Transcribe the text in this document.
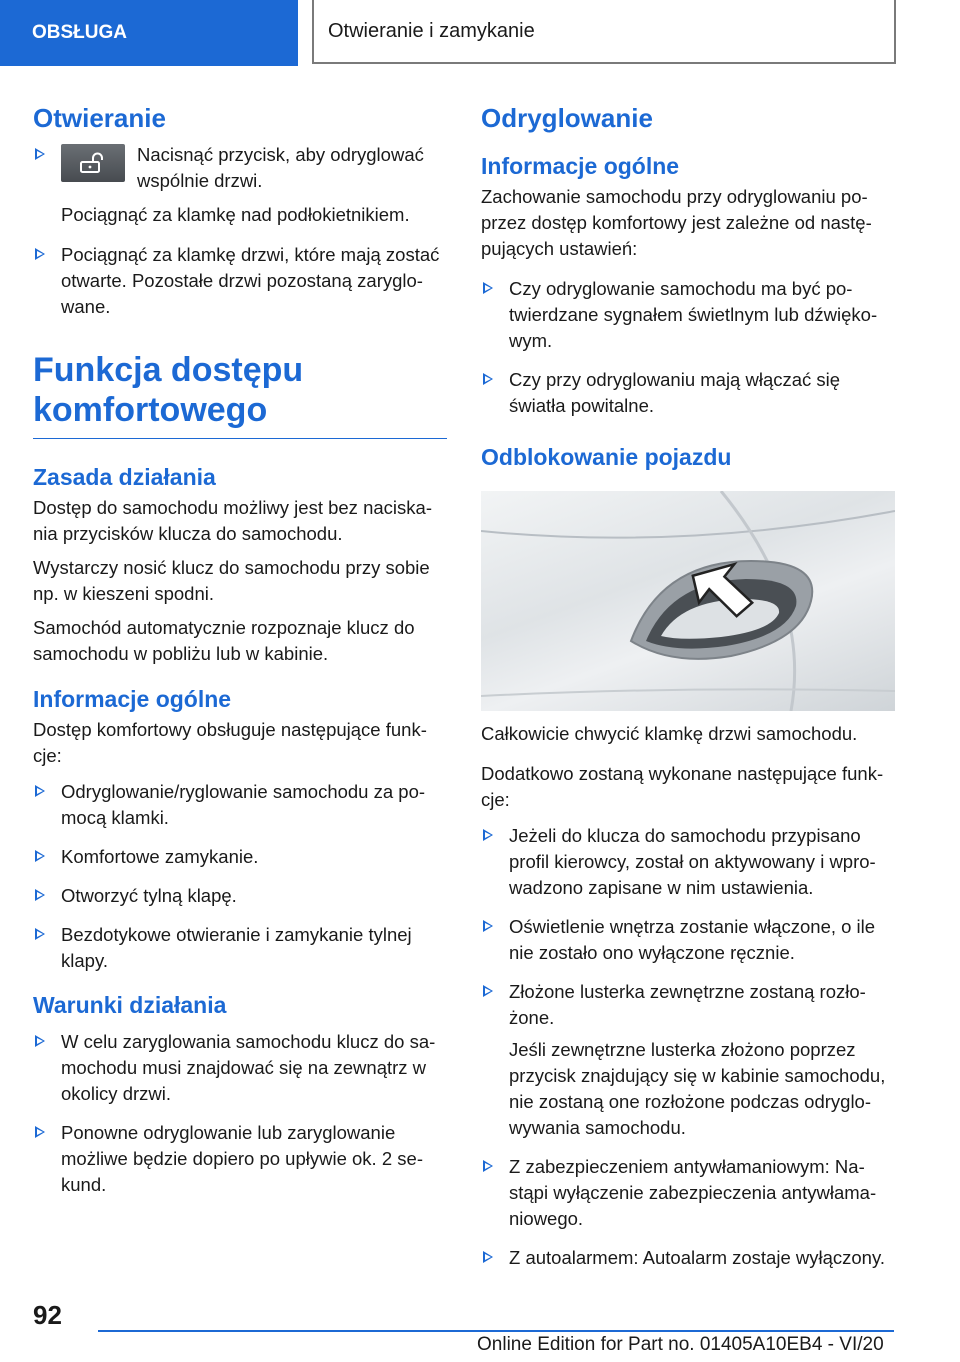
OBSŁUGA	Otwieranie i zamykanie
Otwieranie
Nacisnąć przycisk, aby odryglować wspólnie drzwi.

Pociągnąć za klamkę nad podłokietnikiem.

Pociągnąć za klamkę drzwi, które mają zostać otwarte. Pozostałe drzwi pozostaną zaryglowane.
Funkcja dostępu
komfortowego
Zasada działania

Dostęp do samochodu możliwy jest bez naciskania przycisków klucza do samochodu.

Wystarczy nosić klucz do samochodu przy sobie np. w kieszeni spodni.

Samochód automatycznie rozpoznaje klucz do samochodu w pobliżu lub w kabinie.

Informacje ogólne

Dostęp komfortowy obsługuje następujące funkcje:

Odryglowanie/ryglowanie samochodu za pomocą klamki.
Komfortowe zamykanie.
Otworzyć tylną klapę.
Bezdotykowe otwieranie i zamykanie tylnej klapy.
Warunki działania
W celu zaryglowania samochodu klucz do samochodu musi znajdować się na zewnątrz w okolicy drzwi.
Ponowne odryglowanie lub zaryglowanie możliwe będzie dopiero po upływie ok. 2 sekund.
Odryglowanie
Informacje ogólne

Zachowanie samochodu przy odryglowaniu poprzez dostęp komfortowy jest zależne od następujących ustawień:

Czy odryglowanie samochodu ma być potwierdzane sygnałem świetlnym lub dźwiękowym.
Czy przy odryglowaniu mają włączać się światła powitalne.
Odblokowanie pojazdu

Całkowicie chwycić klamkę drzwi samochodu.

Dodatkowo zostaną wykonane następujące funkcje:

Jeżeli do klucza do samochodu przypisano profil kierowcy, został on aktywowany i wprowadzono zapisane w nim ustawienia.
Oświetlenie wnętrza zostanie włączone, o ile nie zostało ono wyłączone ręcznie.
Złożone lusterka zewnętrzne zostaną rozłożone.

Jeśli zewnętrzne lusterka złożono poprzez przycisk znajdujący się w kabinie samochodu, nie zostaną one rozłożone podczas odryglowywania samochodu.

Z zabezpieczeniem antywłamaniowym: Nastąpi wyłączenie zabezpieczenia antywłamaniowego.
Z autoalarmem: Autoalarm zostaje wyłączony.
92
Online Edition for Part no. 01405A10EB4 - VI/20
